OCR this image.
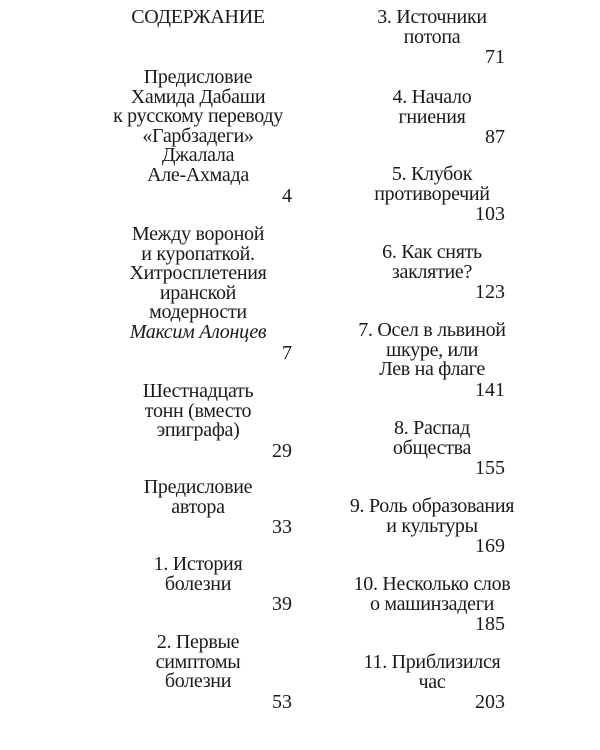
СОДЕРЖАНИЕ
Предисловие
Хамида Дабаши
к русскому переводу
«Гарбзадеги»
Джалала
Але-Ахмада
4
Между вороной
и куропаткой.
Хитросплетения
иранской
модерности
Максим Алонцев
7
Шестнадцать
тонн (вместо
эпиграфа)
29
Предисловие
автора
33
1. История
болезни
39
2. Первые
симптомы
болезни
53
3. Источники
потопа
71
4. Начало
гниения
87
5. Клубок
противоречий
103
6. Как снять
заклятие?
123
7. Осел в львиной
шкуре, или
Лев на флаге
141
8. Распад
общества
155
9. Роль образования
и культуры
169
10. Несколько слов
о машинзадеги
185
11. Приблизился
час
203
